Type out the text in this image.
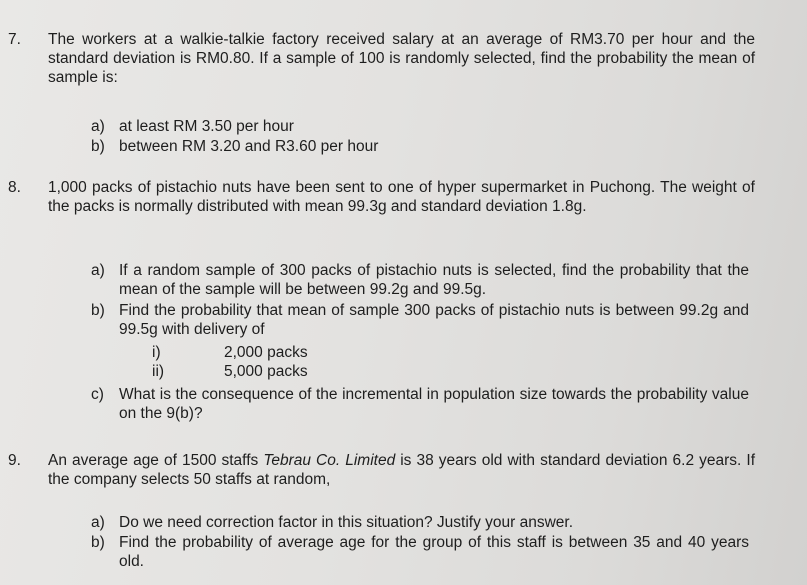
7. The workers at a walkie-talkie factory received salary at an average of RM3.70 per hour and the standard deviation is RM0.80. If a sample of 100 is randomly selected, find the probability the mean of sample is:
a) at least RM 3.50 per hour
b) between RM 3.20 and R3.60 per hour
8. 1,000 packs of pistachio nuts have been sent to one of hyper supermarket in Puchong. The weight of the packs is normally distributed with mean 99.3g and standard deviation 1.8g.
a) If a random sample of 300 packs of pistachio nuts is selected, find the probability that the mean of the sample will be between 99.2g and 99.5g.
b) Find the probability that mean of sample 300 packs of pistachio nuts is between 99.2g and 99.5g with delivery of
i)	2,000 packs
ii)	5,000 packs
c) What is the consequence of the incremental in population size towards the probability value on the 9(b)?
9. An average age of 1500 staffs Tebrau Co. Limited is 38 years old with standard deviation 6.2 years. If the company selects 50 staffs at random,
a) Do we need correction factor in this situation? Justify your answer.
b) Find the probability of average age for the group of this staff is between 35 and 40 years old.
